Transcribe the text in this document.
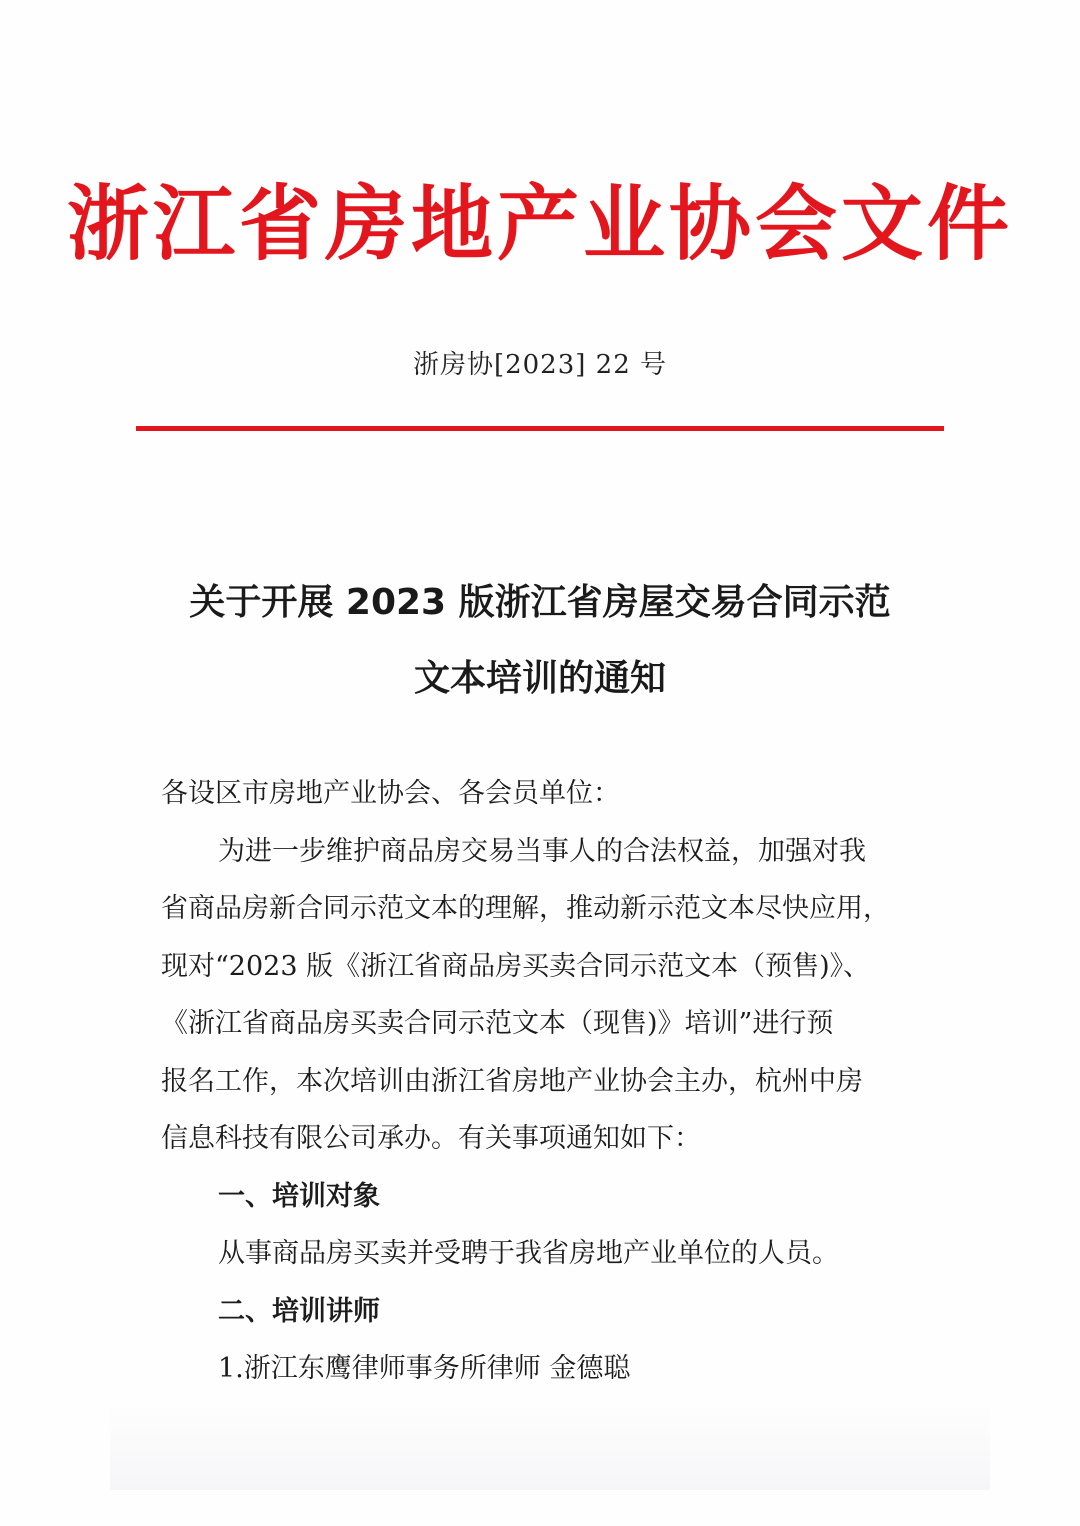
浙江省房地产业协会文件
浙房协[2023] 22 号
关于开展 2023 版浙江省房屋交易合同示范
文本培训的通知
各设区市房地产业协会、各会员单位：
为进一步维护商品房交易当事人的合法权益，加强对我
省商品房新合同示范文本的理解，推动新示范文本尽快应用，
现对“2023 版《浙江省商品房买卖合同示范文本（预售)》、
《浙江省商品房买卖合同示范文本（现售)》培训”进行预
报名工作，本次培训由浙江省房地产业协会主办，杭州中房
信息科技有限公司承办。有关事项通知如下：
一、培训对象
从事商品房买卖并受聘于我省房地产业单位的人员。
二、培训讲师
1.浙江东鹰律师事务所律师 金德聪
